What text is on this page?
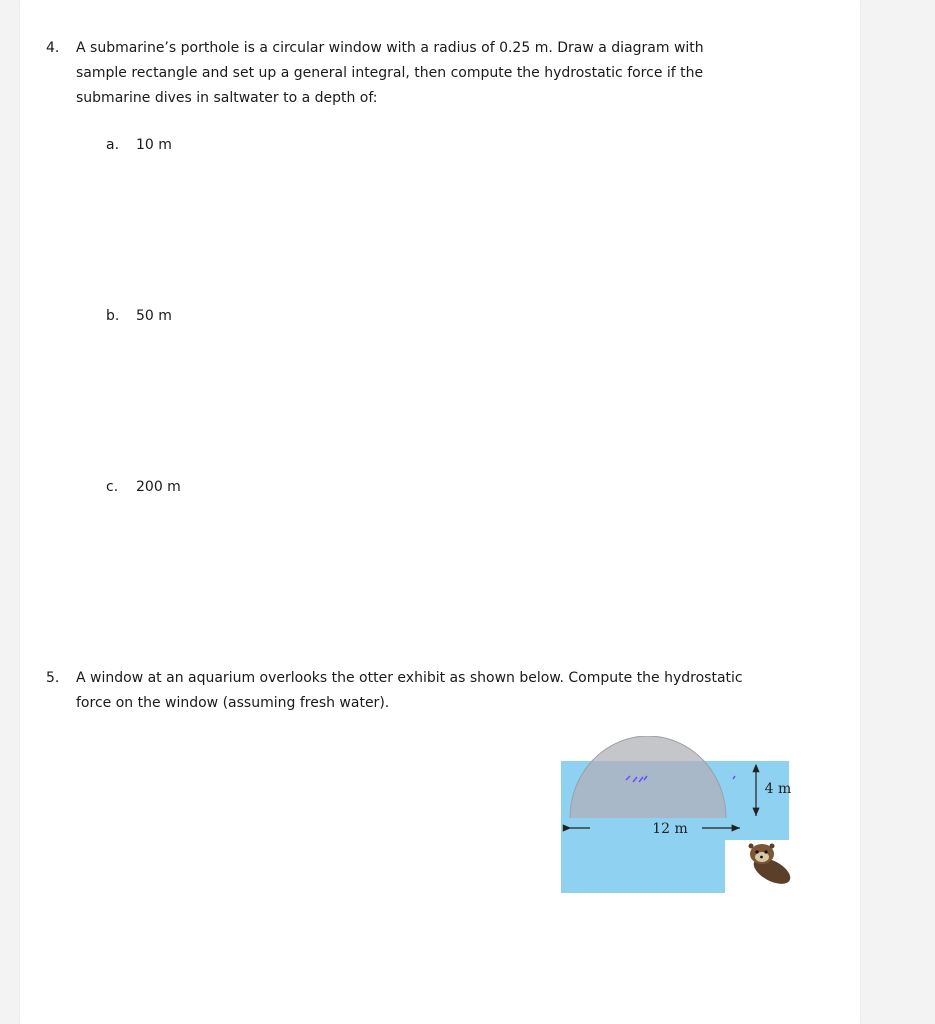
4. A submarine’s porthole is a circular window with a radius of 0.25 m. Draw a diagram with
sample rectangle and set up a general integral, then compute the hydrostatic force if the
submarine dives in saltwater to a depth of:
a. 10 m
b. 50 m
c. 200 m
5. A window at an aquarium overlooks the otter exhibit as shown below. Compute the hydrostatic
force on the window (assuming fresh water).
4 m
12 m
